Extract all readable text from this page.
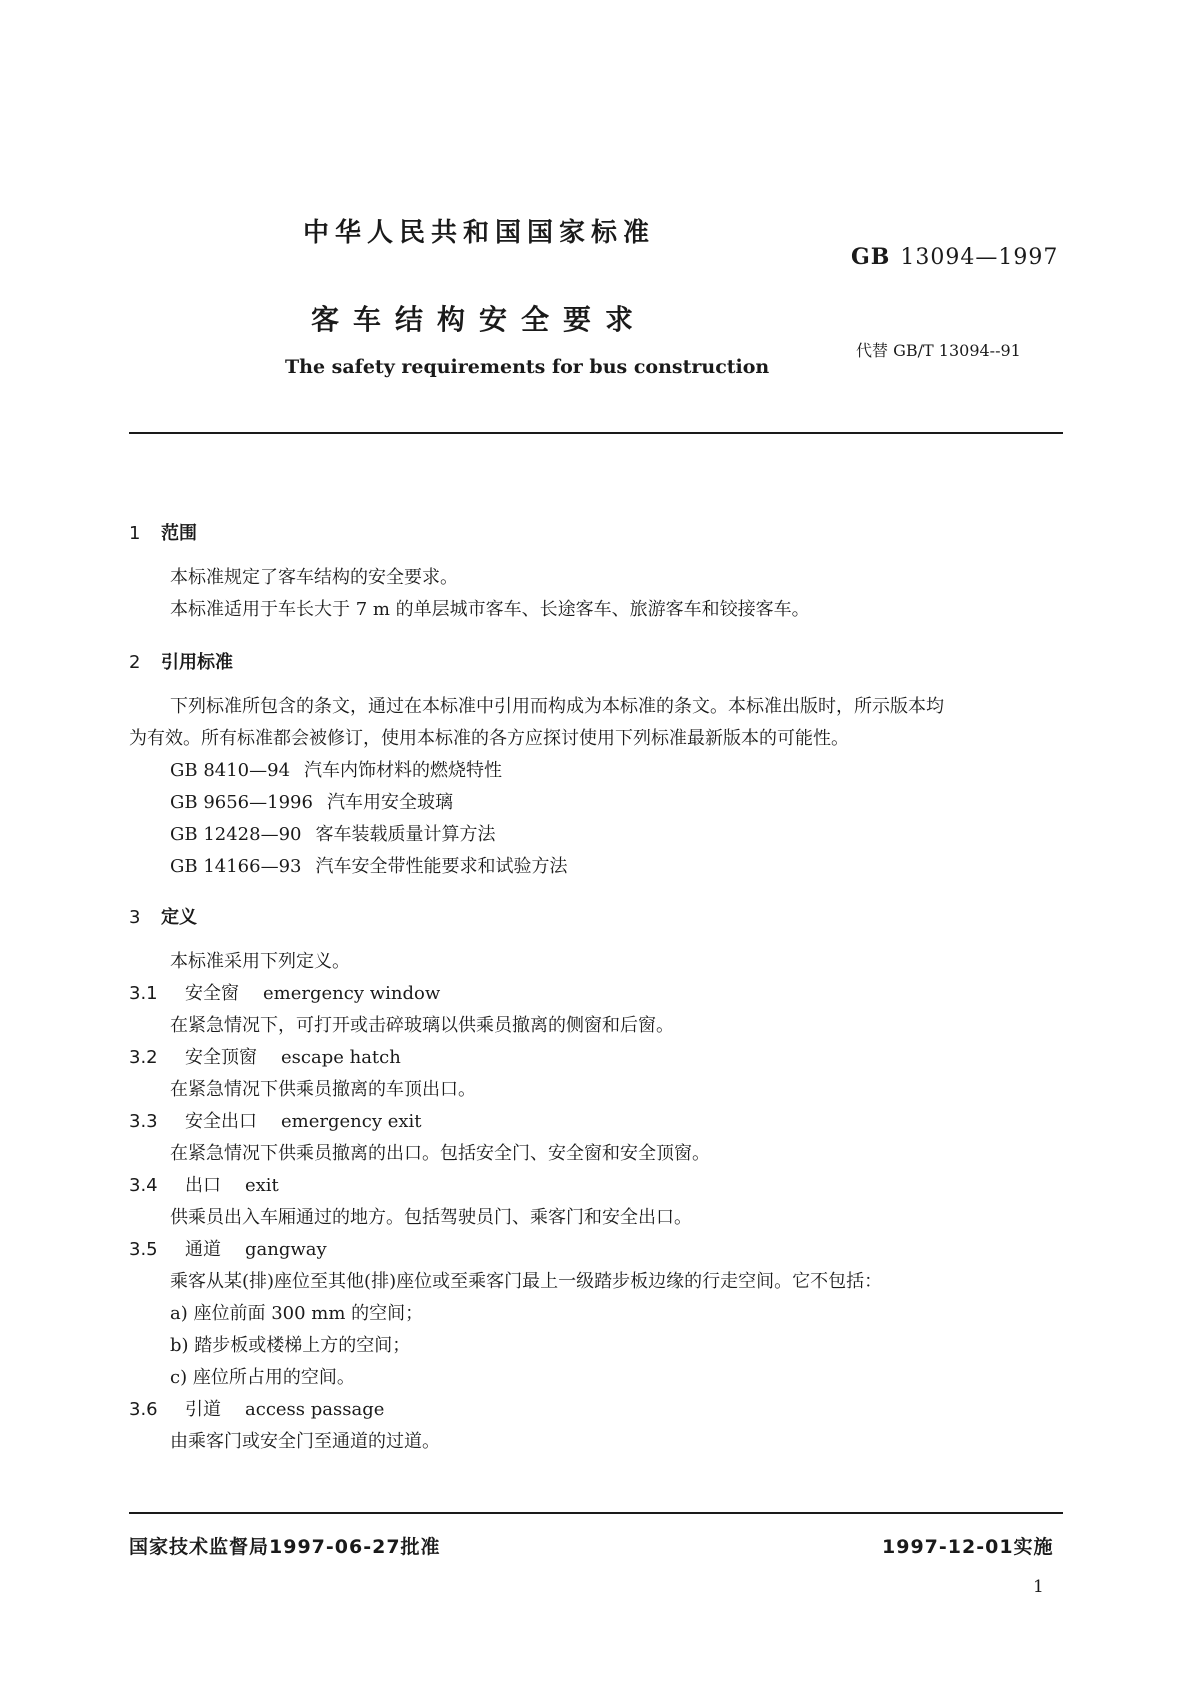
中华人民共和国国家标准
GB 13094—1997
客车结构安全要求
代替 GB/T 13094--91
The safety requirements for bus construction
1 范围
本标准规定了客车结构的安全要求。
本标准适用于车长大于 7 m 的单层城市客车、长途客车、旅游客车和铰接客车。
2 引用标准
下列标准所包含的条文，通过在本标准中引用而构成为本标准的条文。本标准出版时，所示版本均
为有效。所有标准都会被修订，使用本标准的各方应探讨使用下列标准最新版本的可能性。
GB 8410—94 汽车内饰材料的燃烧特性
GB 9656—1996 汽车用安全玻璃
GB 12428—90 客车装载质量计算方法
GB 14166—93 汽车安全带性能要求和试验方法
3 定义
本标准采用下列定义。
3.1 安全窗 emergency window
在紧急情况下，可打开或击碎玻璃以供乘员撤离的侧窗和后窗。
3.2 安全顶窗 escape hatch
在紧急情况下供乘员撤离的车顶出口。
3.3 安全出口 emergency exit
在紧急情况下供乘员撤离的出口。包括安全门、安全窗和安全顶窗。
3.4 出口 exit
供乘员出入车厢通过的地方。包括驾驶员门、乘客门和安全出口。
3.5 通道 gangway
乘客从某(排)座位至其他(排)座位或至乘客门最上一级踏步板边缘的行走空间。它不包括：
a) 座位前面 300 mm 的空间；
b) 踏步板或楼梯上方的空间；
c) 座位所占用的空间。
3.6 引道 access passage
由乘客门或安全门至通道的过道。
国家技术监督局1997-06-27批准	1997-12-01实施
1
